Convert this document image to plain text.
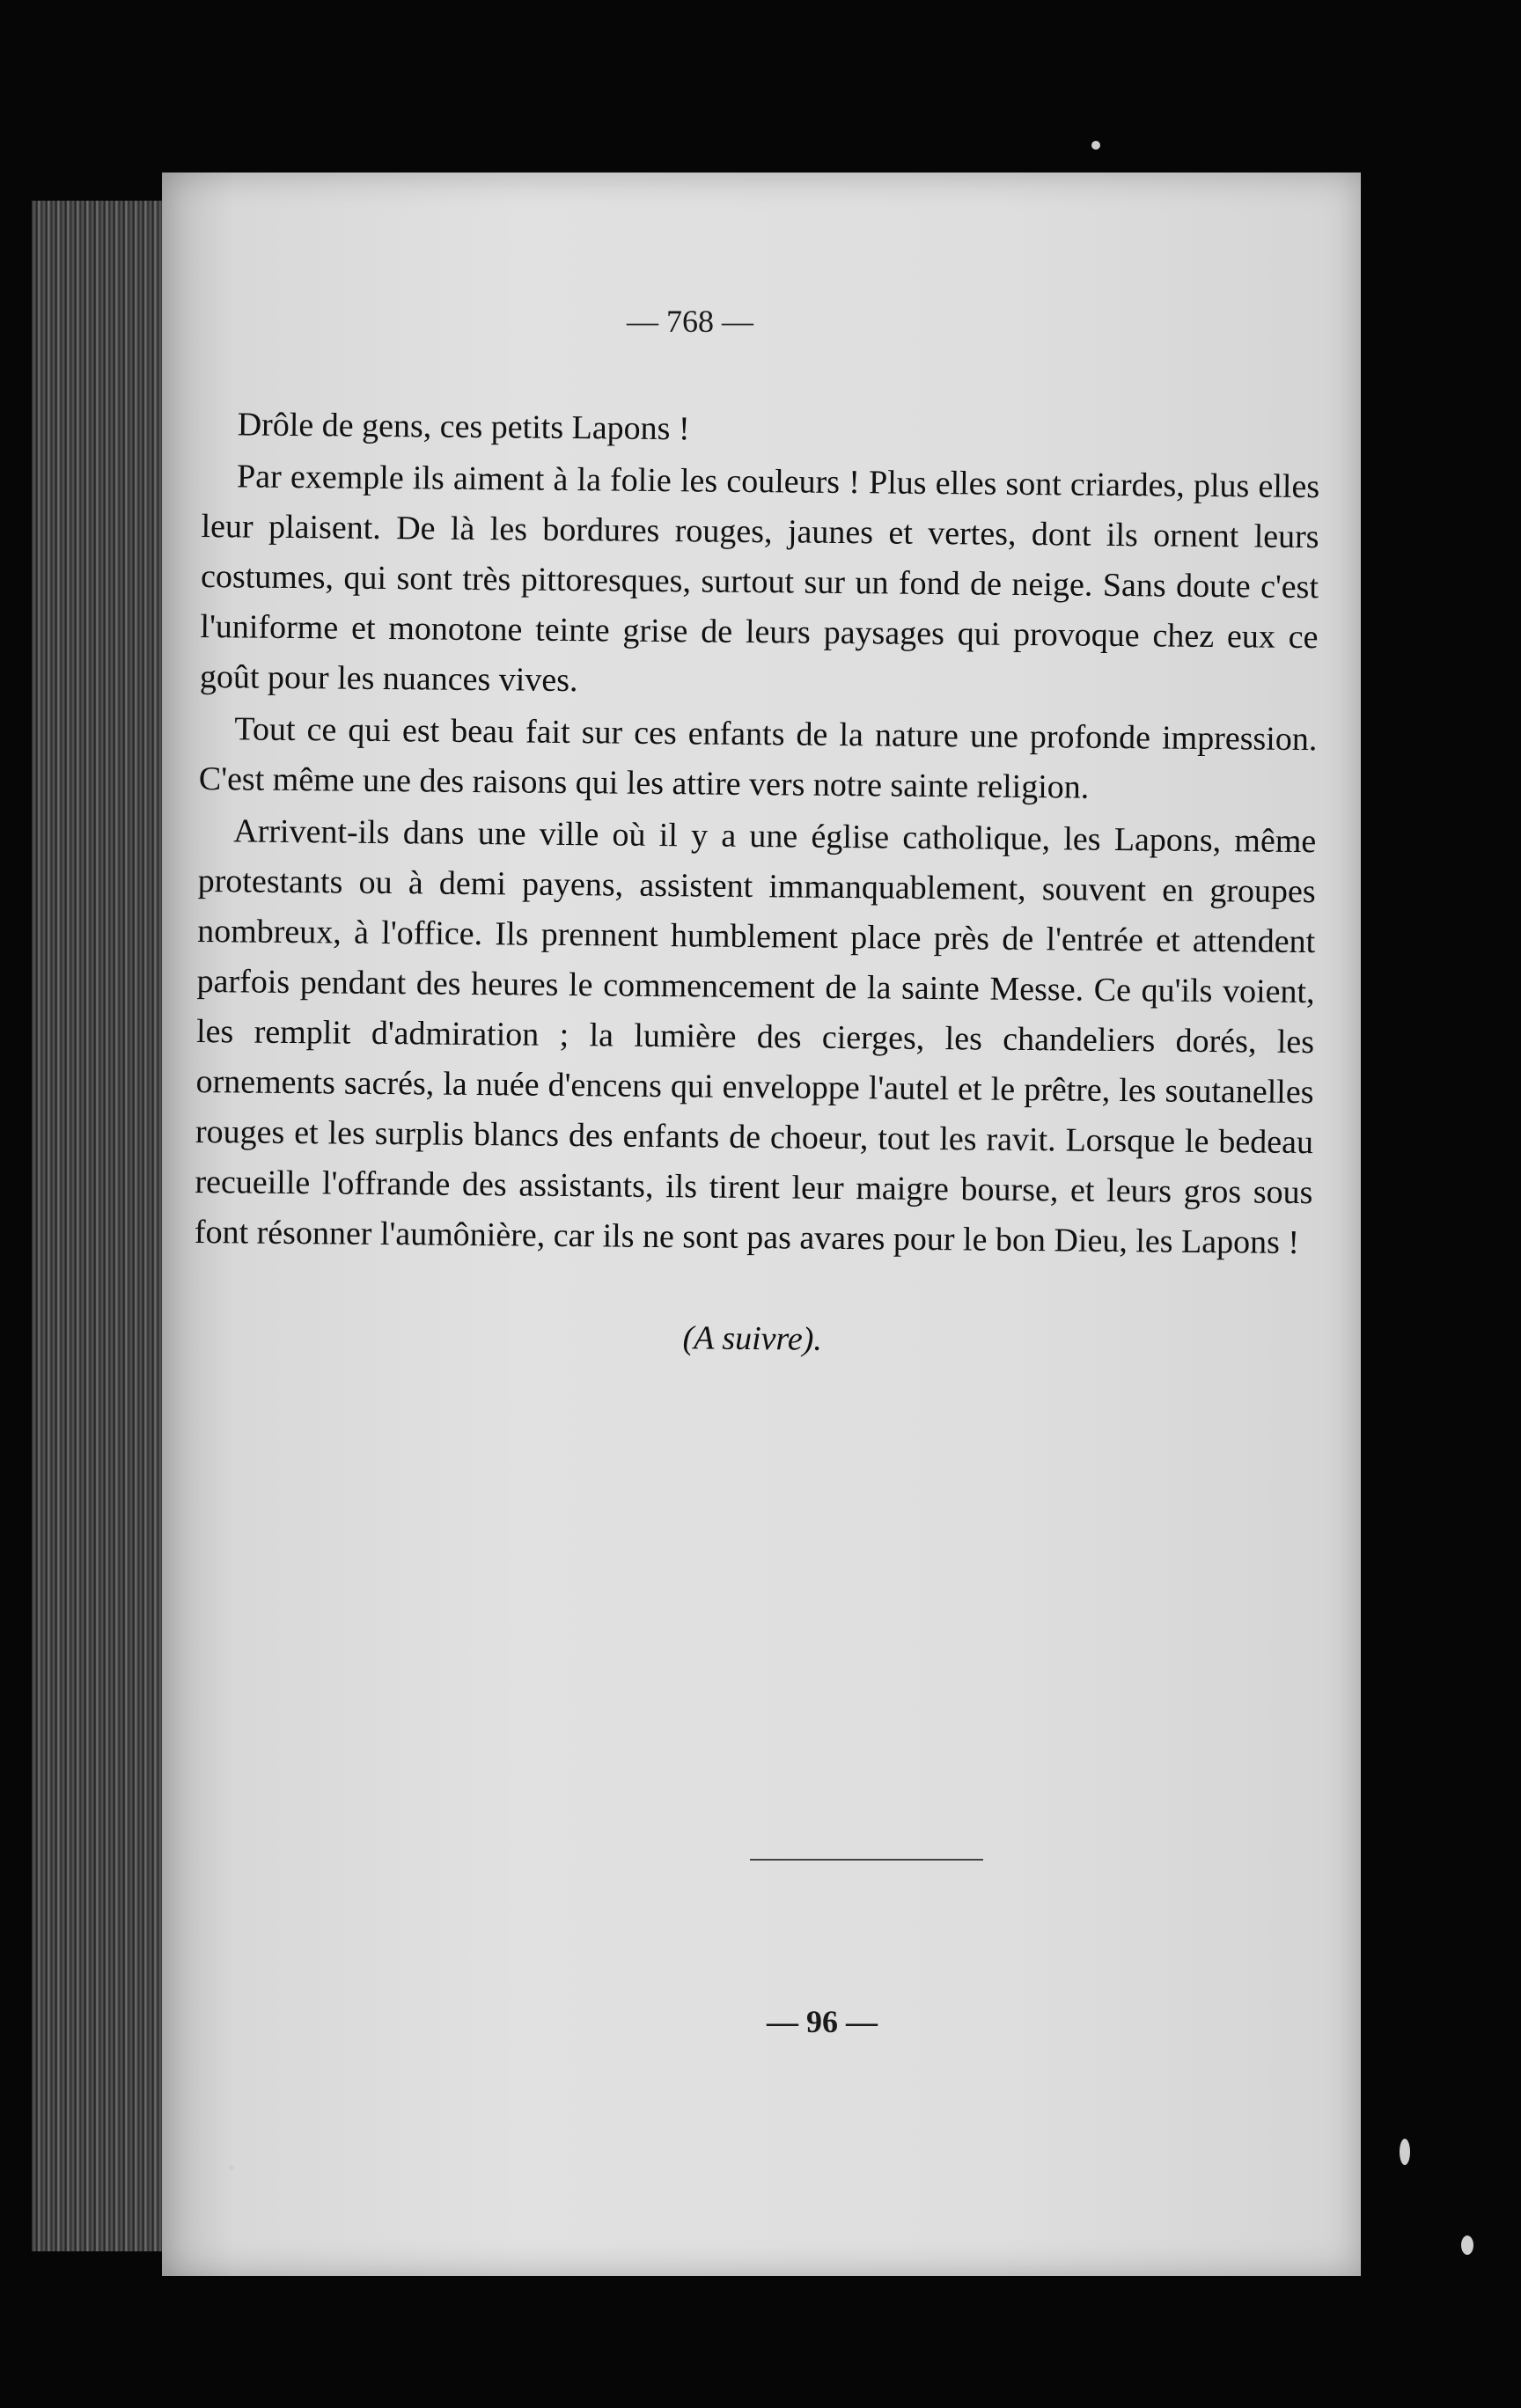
— 768 —

Drôle de gens, ces petits Lapons !

Par exemple ils aiment à la folie les couleurs ! Plus elles sont criardes, plus elles leur plaisent. De là les bordures rouges, jaunes et vertes, dont ils ornent leurs costumes, qui sont très pittoresques, surtout sur un fond de neige. Sans doute c'est l'uniforme et monotone teinte grise de leurs paysages qui provoque chez eux ce goût pour les nuances vives.

Tout ce qui est beau fait sur ces enfants de la nature une profonde impression. C'est même une des raisons qui les attire vers notre sainte religion.

Arrivent-ils dans une ville où il y a une église catholique, les Lapons, même protestants ou à demi payens, assistent immanquablement, souvent en groupes nombreux, à l'office. Ils prennent humblement place près de l'entrée et attendent parfois pendant des heures le commencement de la sainte Messe. Ce qu'ils voient, les remplit d'admiration ; la lumière des cierges, les chandeliers dorés, les ornements sacrés, la nuée d'encens qui enveloppe l'autel et le prêtre, les soutanelles rouges et les surplis blancs des enfants de choeur, tout les ravit. Lorsque le bedeau recueille l'offrande des assistants, ils tirent leur maigre bourse, et leurs gros sous font résonner l'aumônière, car ils ne sont pas avares pour le bon Dieu, les Lapons !

(A suivre).

— 96 —
